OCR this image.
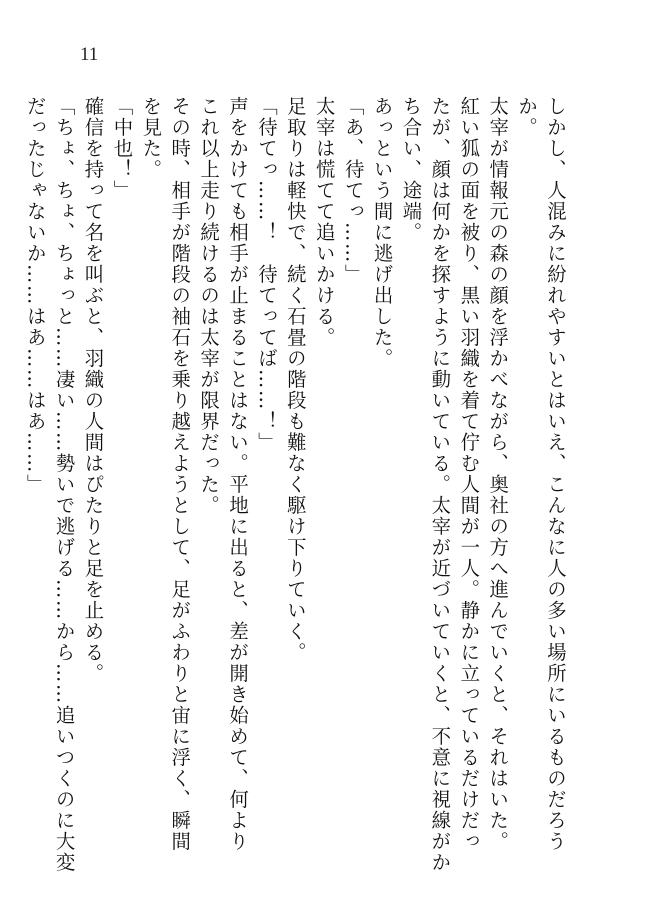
11
しかし、人混みに紛れやすいとはいえ、こんなに人の多い場所にいるものだろう
か。
太宰が情報元の森の顔を浮かべながら、奥社の方へ進んでいくと、それはいた。
紅い狐の面を被り、黒い羽織を着て佇む人間が一人。静かに立っているだけだっ
たが、顔は何かを探すように動いている。太宰が近づいていくと、不意に視線がか
ち合い、途端。
あっという間に逃げ出した。
「あ、待てっ……」
太宰は慌てて追いかける。
足取りは軽快で、続く石畳の階段も難なく駆け下りていく。
「待てっ……！　待てってば……！」
声をかけても相手が止まることはない。平地に出ると、差が開き始めて、何より
これ以上走り続けるのは太宰が限界だった。
その時、相手が階段の袖石を乗り越えようとして、足がふわりと宙に浮く、瞬間
を見た。
「中也！」
確信を持って名を叫ぶと、羽織の人間はぴたりと足を止める。
「ちょ、ちょ、ちょっと……凄い……勢いで逃げる……から……追いつくのに大変
だったじゃないか……はあ……はあ……」
